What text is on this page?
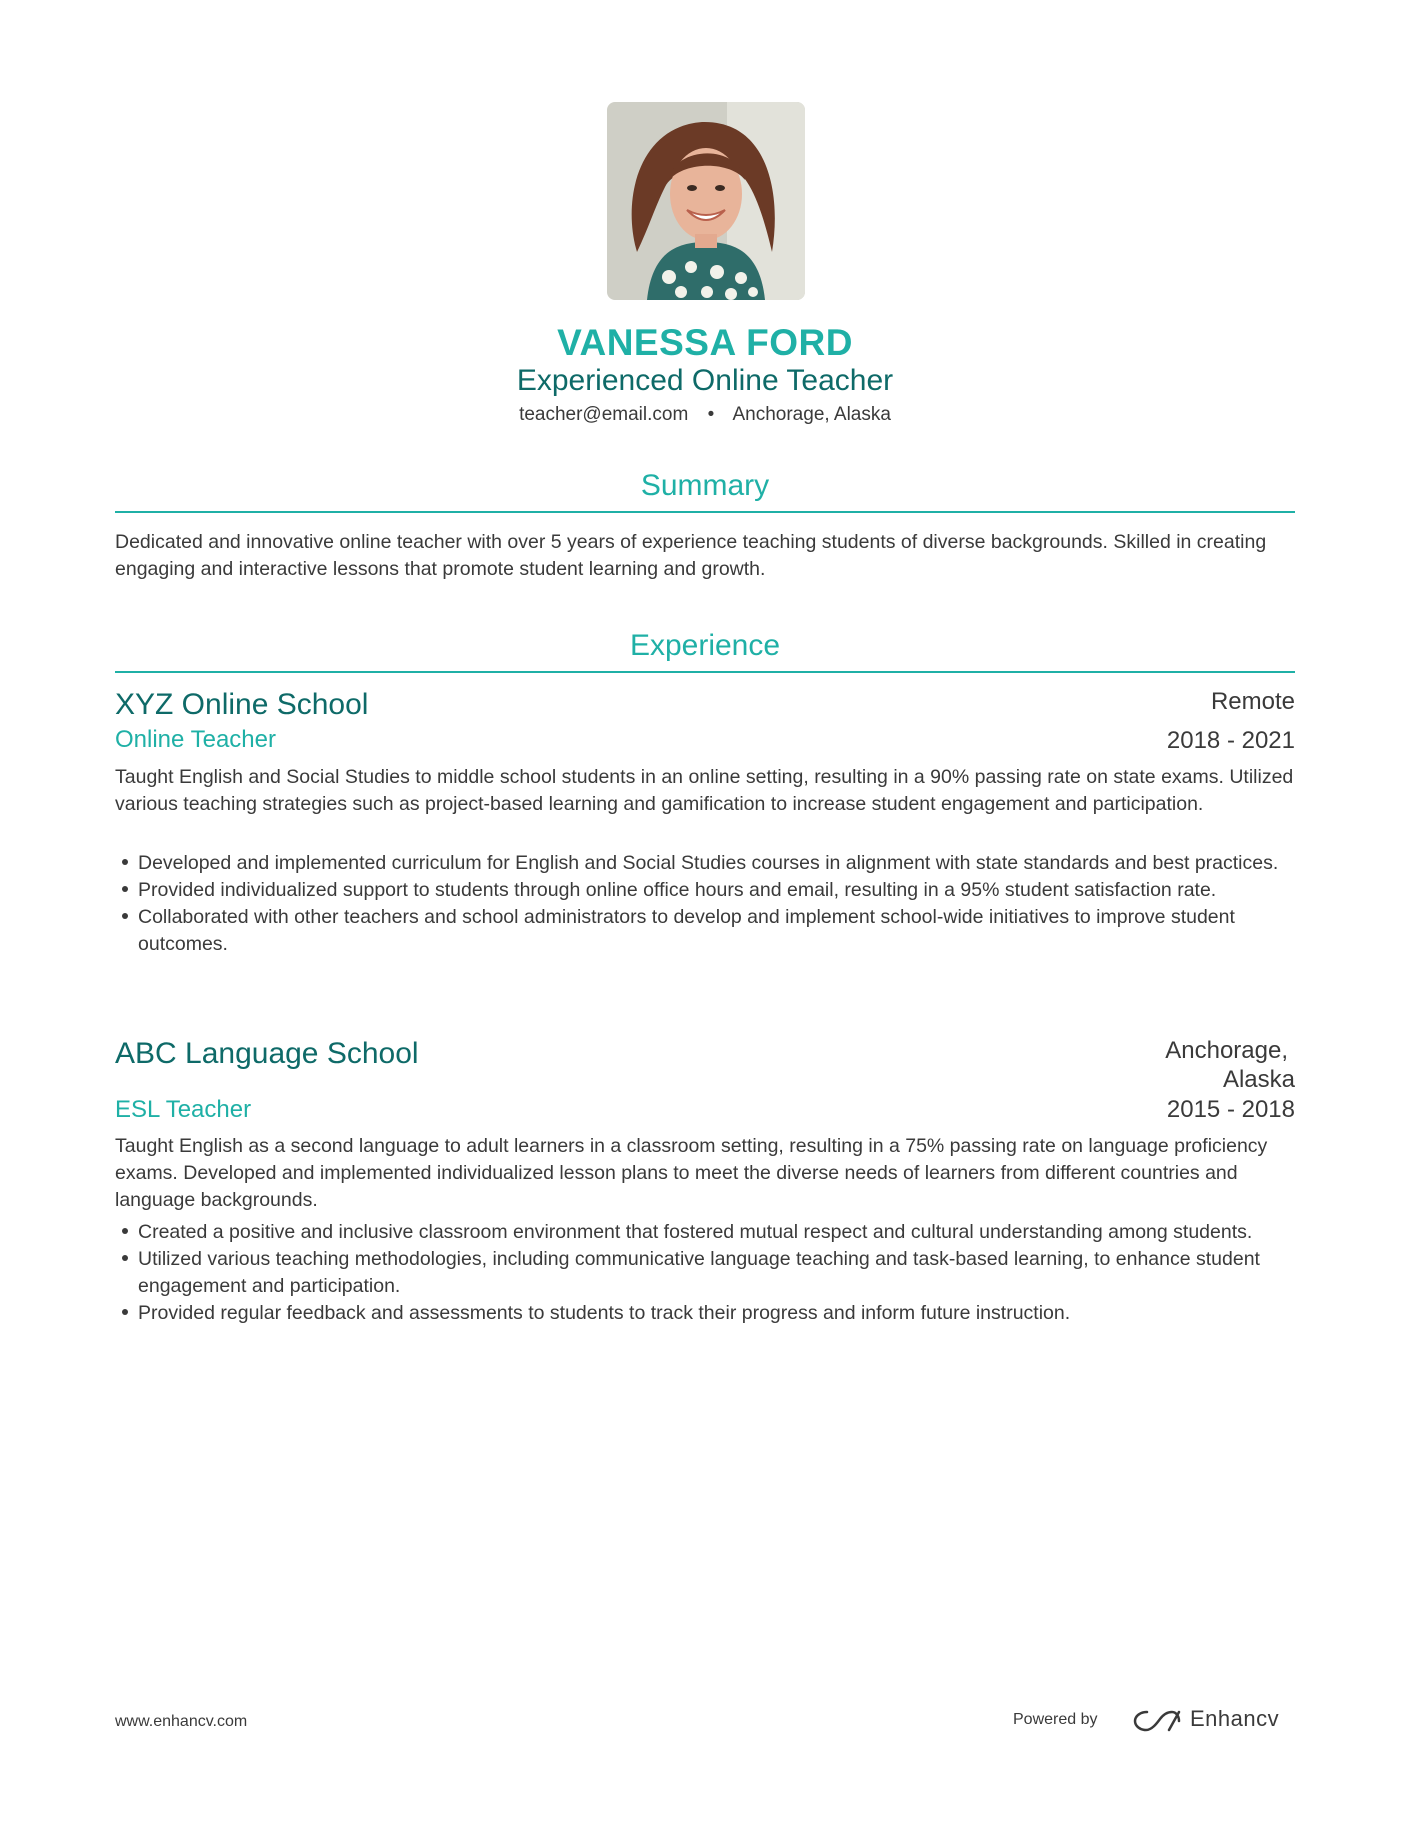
VANESSA FORD
Experienced Online Teacher
teacher@email.com • Anchorage, Alaska
Summary
Dedicated and innovative online teacher with over 5 years of experience teaching students of diverse backgrounds. Skilled in creating engaging and interactive lessons that promote student learning and growth.
Experience
XYZ Online School	Remote
Online Teacher	2018 - 2021
Taught English and Social Studies to middle school students in an online setting, resulting in a 90% passing rate on state exams. Utilized various teaching strategies such as project-based learning and gamification to increase student engagement and participation.
Developed and implemented curriculum for English and Social Studies courses in alignment with state standards and best practices.
Provided individualized support to students through online office hours and email, resulting in a 95% student satisfaction rate.
Collaborated with other teachers and school administrators to develop and implement school-wide initiatives to improve student outcomes.
ABC Language School	Anchorage,
Alaska
ESL Teacher	2015 - 2018
Taught English as a second language to adult learners in a classroom setting, resulting in a 75% passing rate on language proficiency exams. Developed and implemented individualized lesson plans to meet the diverse needs of learners from different countries and language backgrounds.
Created a positive and inclusive classroom environment that fostered mutual respect and cultural understanding among students.
Utilized various teaching methodologies, including communicative language teaching and task-based learning, to enhance student engagement and participation.
Provided regular feedback and assessments to students to track their progress and inform future instruction.
www.enhancv.com	Powered by	Enhancv
